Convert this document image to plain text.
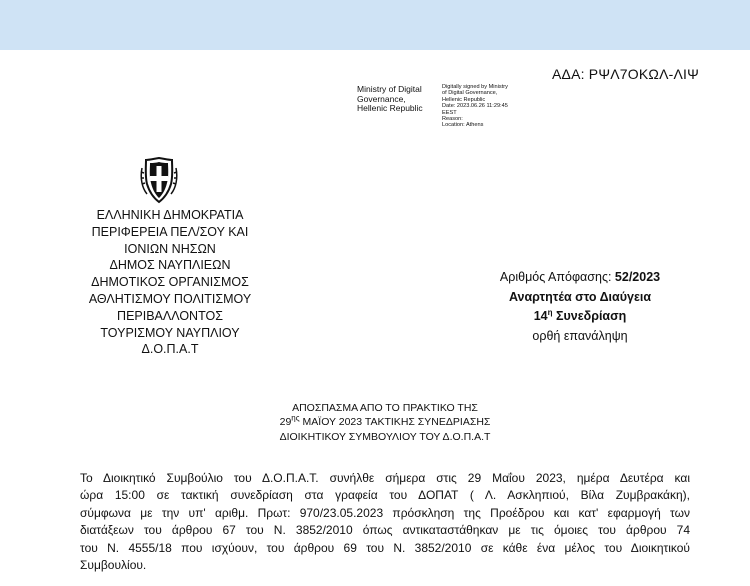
ΑΔΑ: ΡΨΛ7ΟΚΩΛ-ΛΙΨ
Ministry of Digital
Governance,
Hellenic Republic
Digitally signed by Ministry
of Digital Governance,
Hellenic Republic
Date: 2023.06.26 11:29:45
EEST
Reason:
Location: Athens
ΕΛΛΗΝΙΚΗ ΔΗΜΟΚΡΑΤΙΑ
ΠΕΡΙΦΕΡΕΙΑ ΠΕΛ/ΣΟΥ ΚΑΙ
ΙΟΝΙΩΝ ΝΗΣΩΝ
ΔΗΜΟΣ ΝΑΥΠΛΙΕΩΝ
ΔΗΜΟΤΙΚΟΣ ΟΡΓΑΝΙΣΜΟΣ
ΑΘΛΗΤΙΣΜΟΥ ΠΟΛΙΤΙΣΜΟΥ
ΠΕΡΙΒΑΛΛΟΝΤΟΣ
ΤΟΥΡΙΣΜΟΥ ΝΑΥΠΛΙΟΥ
Δ.Ο.Π.Α.Τ
Αριθμός Απόφασης: 52/2023
Αναρτητέα στο Διαύγεια
$14^\eta$ Συνεδρίαση
ορθή επανάληψη
ΑΠΟΣΠΑΣΜΑ ΑΠΟ ΤΟ ΠΡΑΚΤΙΚΟ ΤΗΣ
$29^{\eta\varsigma}$ ΜΑΪΟΥ 2023 ΤΑΚΤΙΚΗΣ ΣΥΝΕΔΡΙΑΣΗΣ
ΔΙΟΙΚΗΤΙΚΟΥ ΣΥΜΒΟΥΛΙΟΥ ΤΟΥ Δ.Ο.Π.Α.Τ
Το Διοικητικό Συμβούλιο του Δ.Ο.Π.Α.Τ. συνήλθε σήμερα στις 29 Μαΐου 2023, ημέρα Δευτέρα και
ώρα 15:00 σε τακτική συνεδρίαση στα γραφεία του ΔΟΠΑΤ ( Λ. Ασκληπιού, Βίλα Ζυμβρακάκη),
σύμφωνα με την υπ' αριθμ. Πρωτ: 970/23.05.2023 πρόσκληση της Προέδρου και κατ' εφαρμογή των
διατάξεων του άρθρου 67 του Ν. 3852/2010 όπως αντικαταστάθηκαν με τις όμοιες του άρθρου 74
του Ν. 4555/18 που ισχύουν, του άρθρου 69 του Ν. 3852/2010 σε κάθε ένα μέλος του Διοικητικού
Συμβουλίου.
